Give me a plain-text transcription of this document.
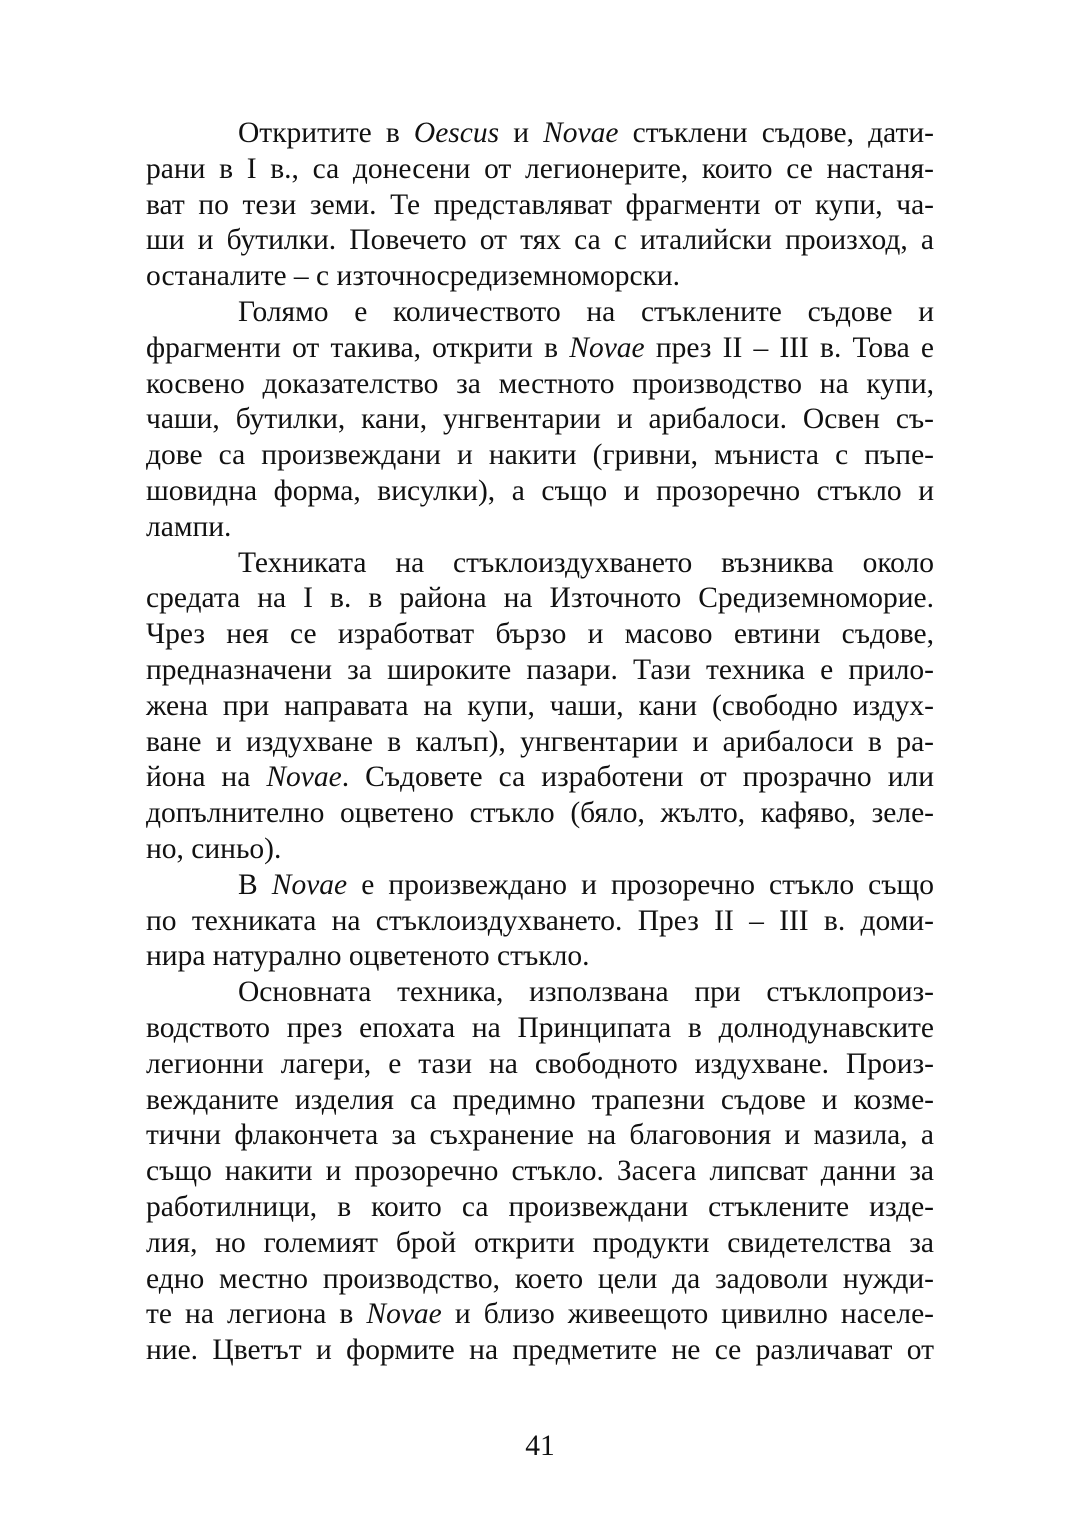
Откритите в Oescus и Novae стъклени съдове, дати-
рани в I в., са донесени от легионерите, които се настаня-
ват по тези земи. Те представляват фрагменти от купи, ча-
ши и бутилки. Повечето от тях са с италийски произход, а
останалите – с източносредиземноморски.
Голямо е количеството на стъклените съдове и
фрагменти от такива, открити в Novae през II – III в. Това е
косвено доказателство за местното производство на купи,
чаши, бутилки, кани, унгвентарии и арибалоси. Освен съ-
дове са произвеждани и накити (гривни, мъниста с пъпе-
шовидна форма, висулки), а също и прозоречно стъкло и
лампи.
Техниката на стъклоиздухването възниква около
средата на I в. в района на Източното Средиземноморие.
Чрез нея се изработват бързо и масово евтини съдове,
предназначени за широките пазари. Тази техника е прило-
жена при направата на купи, чаши, кани (свободно издух-
ване и издухване в калъп), унгвентарии и арибалоси в ра-
йона на Novae. Съдовете са изработени от прозрачно или
допълнително оцветено стъкло (бяло, жълто, кафяво, зеле-
но, синьо).
В Novae е произвеждано и прозоречно стъкло също
по техниката на стъклоиздухването. През II – III в. доми-
нира натурално оцветеното стъкло.
Основната техника, използвана при стъклопроиз-
водството през епохата на Принципата в долнодунавските
легионни лагери, е тази на свободното издухване. Произ-
вежданите изделия са предимно трапезни съдове и козме-
тични флакончета за съхранение на благовония и мазила, а
също накити и прозоречно стъкло. Засега липсват данни за
работилници, в които са произвеждани стъклените изде-
лия, но големият брой открити продукти свидетелства за
едно местно производство, което цели да задоволи нужди-
те на легиона в Novae и близо живеещото цивилно населе-
ние. Цветът и формите на предметите не се различават от
41
